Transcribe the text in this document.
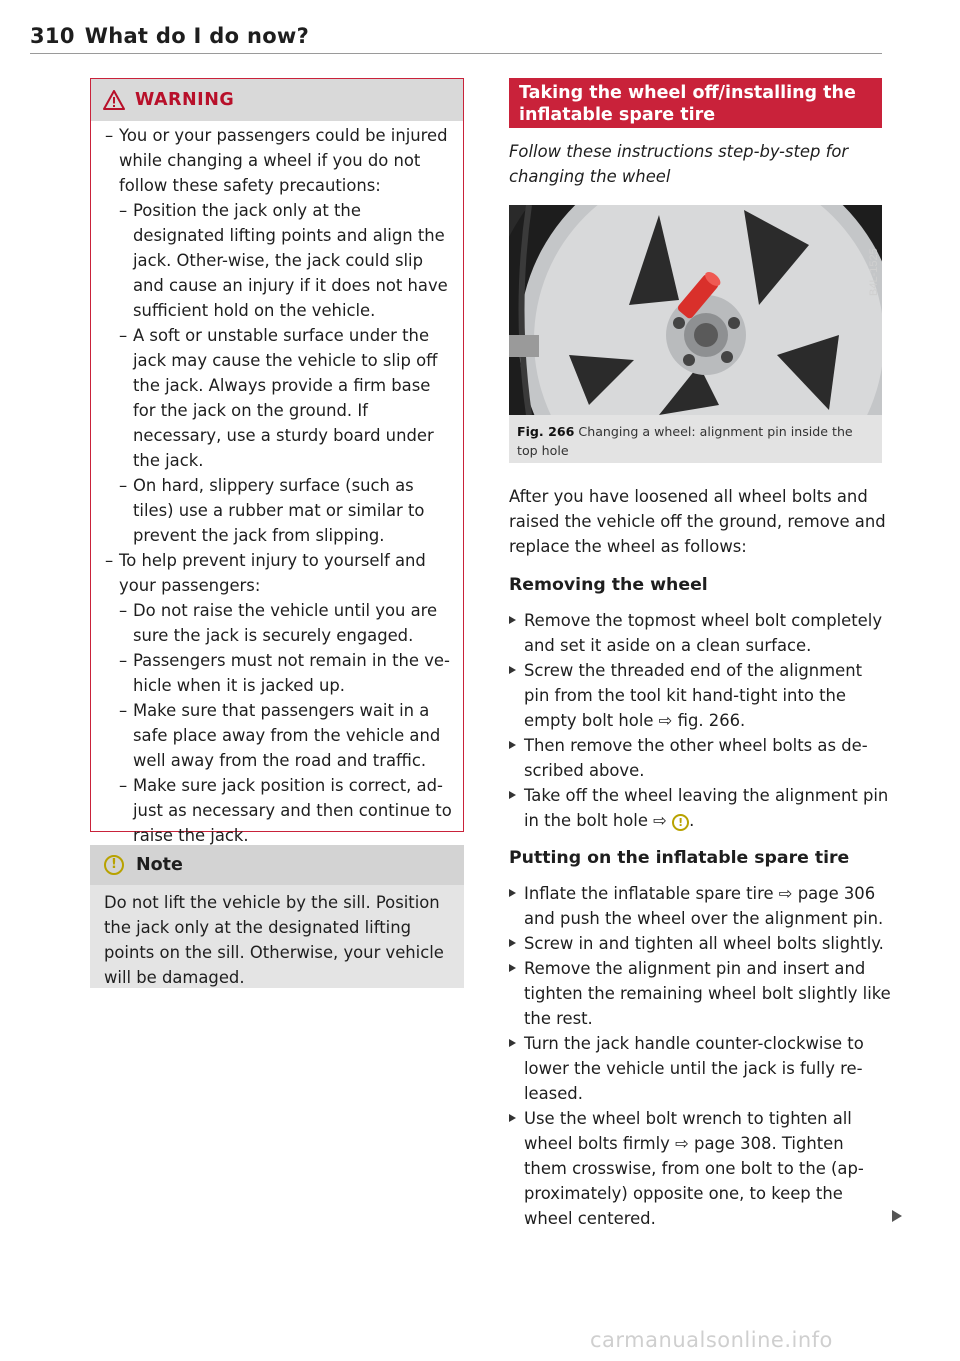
310 What do I do now?
WARNING
– You or your passengers could be injured while changing a wheel if you do not follow these safety precautions:
– Position the jack only at the designated lifting points and align the jack. Other-wise, the jack could slip and cause an injury if it does not have sufficient hold on the vehicle.
– A soft or unstable surface under the jack may cause the vehicle to slip off the jack. Always provide a firm base for the jack on the ground. If necessary, use a sturdy board under the jack.
– On hard, slippery surface (such as tiles) use a rubber mat or similar to prevent the jack from slipping.
– To help prevent injury to yourself and your passengers:
– Do not raise the vehicle until you are sure the jack is securely engaged.
– Passengers must not remain in the ve-hicle when it is jacked up.
– Make sure that passengers wait in a safe place away from the vehicle and well away from the road and traffic.
– Make sure jack position is correct, ad-just as necessary and then continue to raise the jack.
!	Note
Do not lift the vehicle by the sill. Position the jack only at the designated lifting points on the sill. Otherwise, your vehicle will be damaged.
Taking the wheel off/installing the inflatable spare tire
Follow these instructions step-by-step for changing the wheel
B4L-1525
Fig. 266 Changing a wheel: alignment pin inside the top hole
After you have loosened all wheel bolts and raised the vehicle off the ground, remove and replace the wheel as follows:
Removing the wheel
Remove the topmost wheel bolt completely and set it aside on a clean surface.
Screw the threaded end of the alignment pin from the tool kit hand-tight into the empty bolt hole ⇨ fig. 266.
Then remove the other wheel bolts as de-scribed above.
Take off the wheel leaving the alignment pin in the bolt hole ⇨ ! .
Putting on the inflatable spare tire
Inflate the inflatable spare tire ⇨ page 306 and push the wheel over the alignment pin.
Screw in and tighten all wheel bolts slightly.
Remove the alignment pin and insert and tighten the remaining wheel bolt slightly like the rest.
Turn the jack handle counter-clockwise to lower the vehicle until the jack is fully re-leased.
Use the wheel bolt wrench to tighten all wheel bolts firmly ⇨ page 308. Tighten them crosswise, from one bolt to the (ap-proximately) opposite one, to keep the wheel centered.
carmanualsonline.info
